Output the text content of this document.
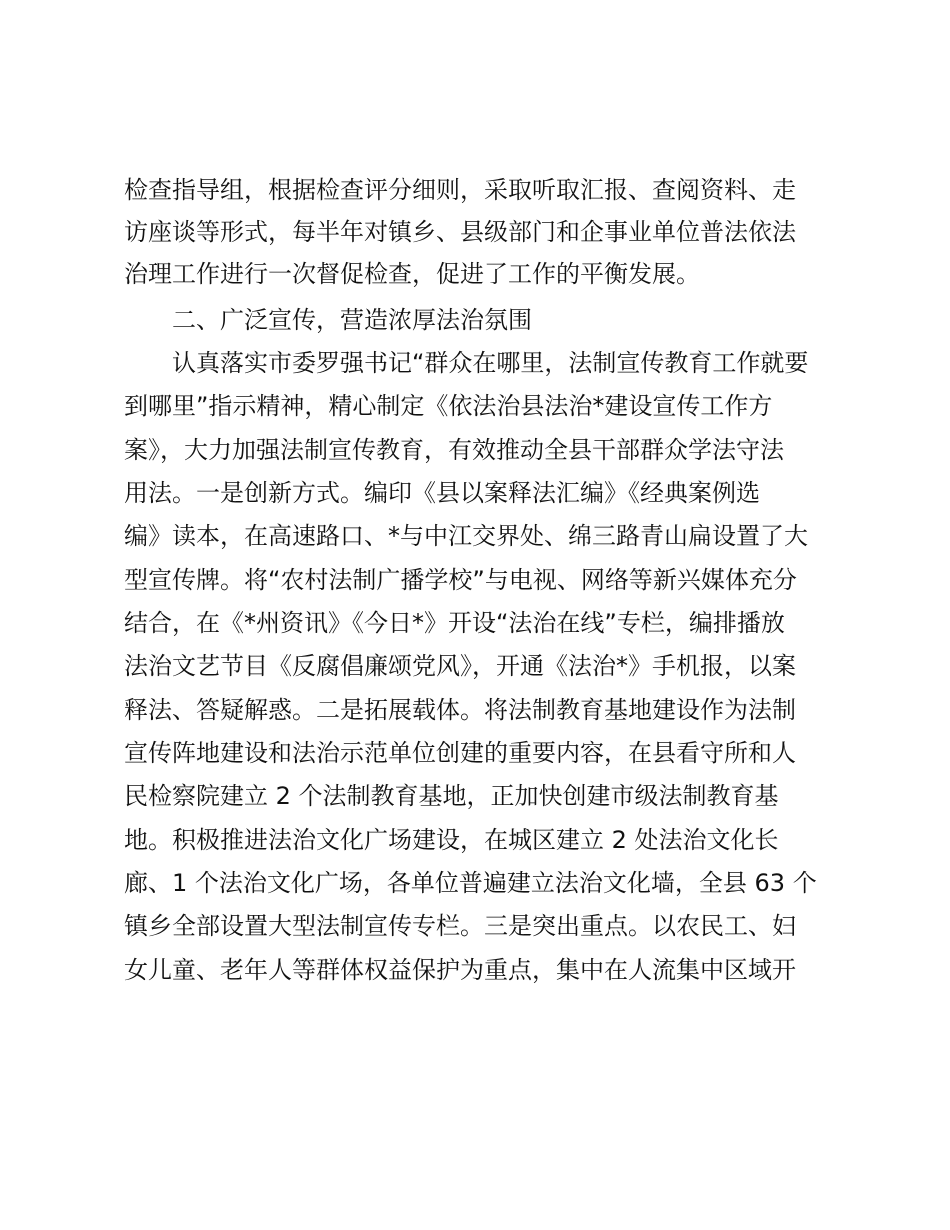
检查指导组，根据检查评分细则，采取听取汇报、查阅资料、走
访座谈等形式，每半年对镇乡、县级部门和企事业单位普法依法
治理工作进行一次督促检查，促进了工作的平衡发展。
二、广泛宣传，营造浓厚法治氛围
认真落实市委罗强书记“群众在哪里，法制宣传教育工作就要
到哪里”指示精神，精心制定《依法治县法治*建设宣传工作方
案》，大力加强法制宣传教育，有效推动全县干部群众学法守法
用法。一是创新方式。编印《县以案释法汇编》《经典案例选
编》读本，在高速路口、*与中江交界处、绵三路青山扁设置了大
型宣传牌。将“农村法制广播学校”与电视、网络等新兴媒体充分
结合，在《*州资讯》《今日*》开设“法治在线”专栏，编排播放
法治文艺节目《反腐倡廉颂党风》，开通《法治*》手机报，以案
释法、答疑解惑。二是拓展载体。将法制教育基地建设作为法制
宣传阵地建设和法治示范单位创建的重要内容，在县看守所和人
民检察院建立 2 个法制教育基地，正加快创建市级法制教育基
地。积极推进法治文化广场建设，在城区建立 2 处法治文化长
廊、1 个法治文化广场，各单位普遍建立法治文化墙，全县 63 个
镇乡全部设置大型法制宣传专栏。三是突出重点。以农民工、妇
女儿童、老年人等群体权益保护为重点，集中在人流集中区域开
